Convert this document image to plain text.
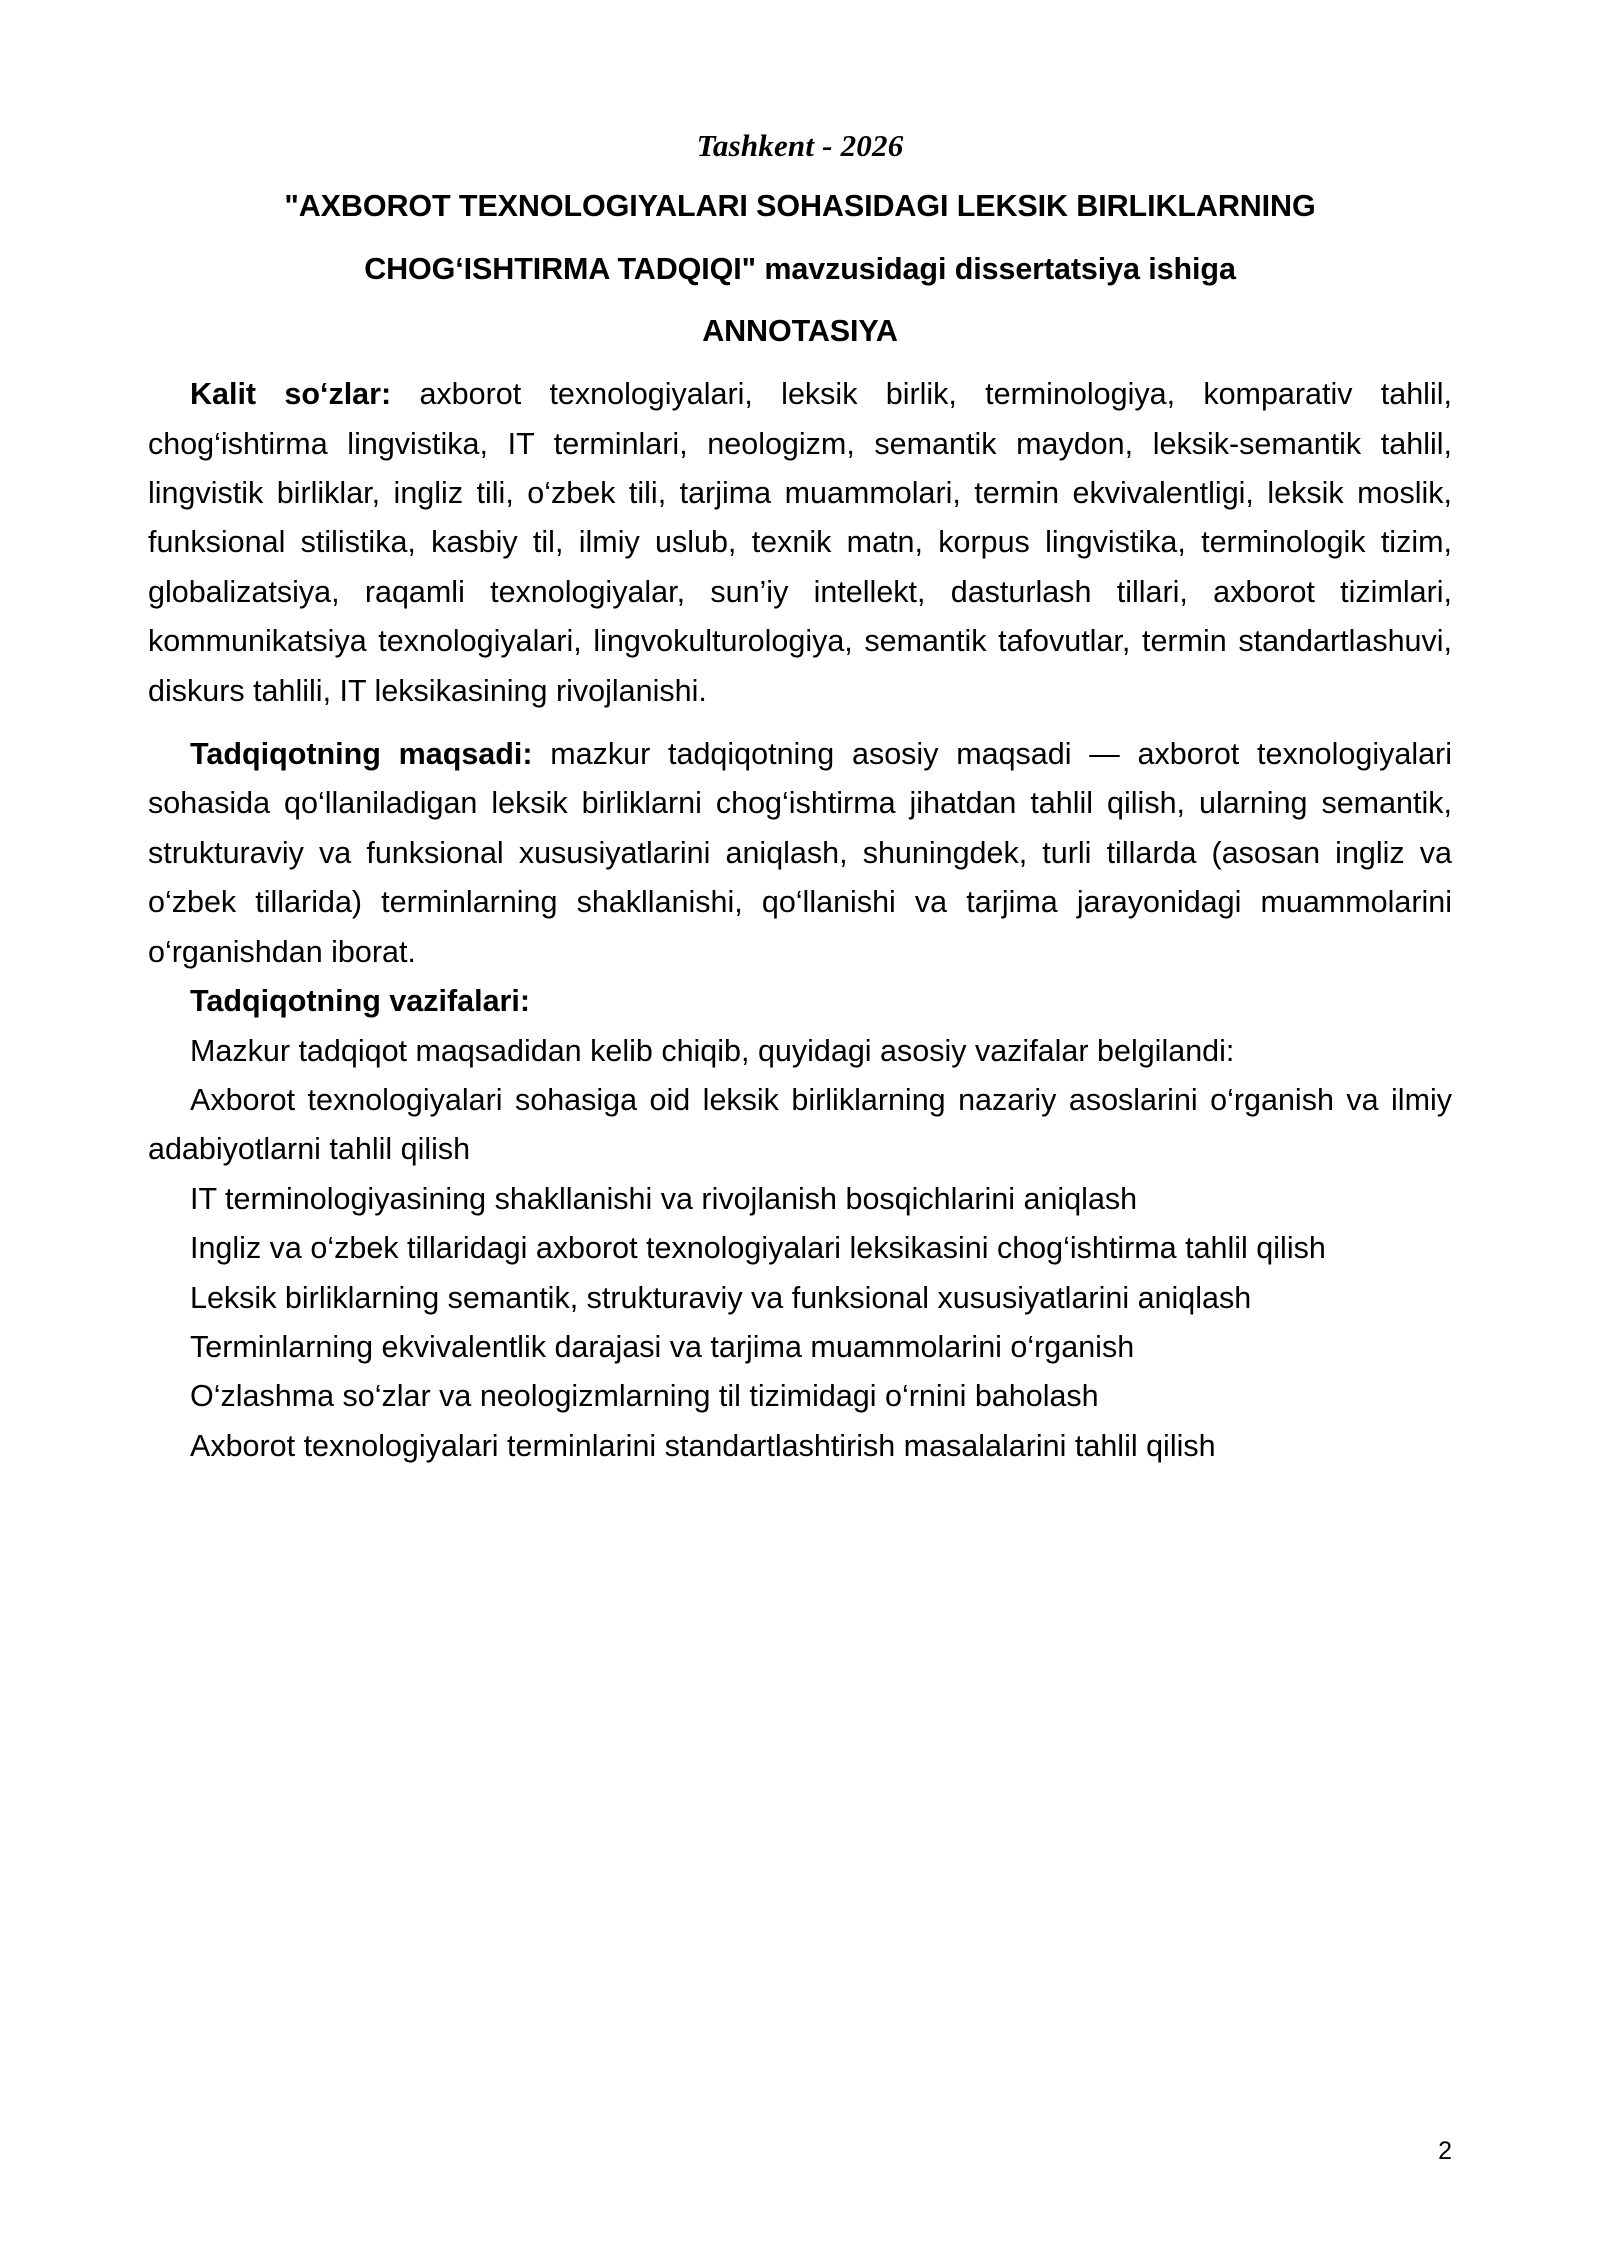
Tashkent - 2026
"AXBOROT TEXNOLOGIYALARI SOHASIDAGI LEKSIK BIRLIKLARNING
CHOG‘ISHTIRMA TADQIQI" mavzusidagi dissertatsiya ishiga
ANNOTASIYA

Kalit so‘zlar: axborot texnologiyalari, leksik birlik, terminologiya, komparativ tahlil, chog‘ishtirma lingvistika, IT terminlari, neologizm, semantik maydon, leksik-semantik tahlil, lingvistik birliklar, ingliz tili, o‘zbek tili, tarjima muammolari, termin ekvivalentligi, leksik moslik, funksional stilistika, kasbiy til, ilmiy uslub, texnik matn, korpus lingvistika, terminologik tizim, globalizatsiya, raqamli texnologiyalar, sun’iy intellekt, dasturlash tillari, axborot tizimlari, kommunikatsiya texnologiyalari, lingvokulturologiya, semantik tafovutlar, termin standartlashuvi, diskurs tahlili, IT leksikasining rivojlanishi.

Tadqiqotning maqsadi: mazkur tadqiqotning asosiy maqsadi — axborot texnologiyalari sohasida qo‘llaniladigan leksik birliklarni chog‘ishtirma jihatdan tahlil qilish, ularning semantik, strukturaviy va funksional xususiyatlarini aniqlash, shuningdek, turli tillarda (asosan ingliz va o‘zbek tillarida) terminlarning shakllanishi, qo‘llanishi va tarjima jarayonidagi muammolarini o‘rganishdan iborat.

Tadqiqotning vazifalari:

Mazkur tadqiqot maqsadidan kelib chiqib, quyidagi asosiy vazifalar belgilandi:

Axborot texnologiyalari sohasiga oid leksik birliklarning nazariy asoslarini o‘rganish va ilmiy adabiyotlarni tahlil qilish

IT terminologiyasining shakllanishi va rivojlanish bosqichlarini aniqlash

Ingliz va o‘zbek tillaridagi axborot texnologiyalari leksikasini chog‘ishtirma tahlil qilish

Leksik birliklarning semantik, strukturaviy va funksional xususiyatlarini aniqlash

Terminlarning ekvivalentlik darajasi va tarjima muammolarini o‘rganish

O‘zlashma so‘zlar va neologizmlarning til tizimidagi o‘rnini baholash

Axborot texnologiyalari terminlarini standartlashtirish masalalarini tahlil qilish

2
